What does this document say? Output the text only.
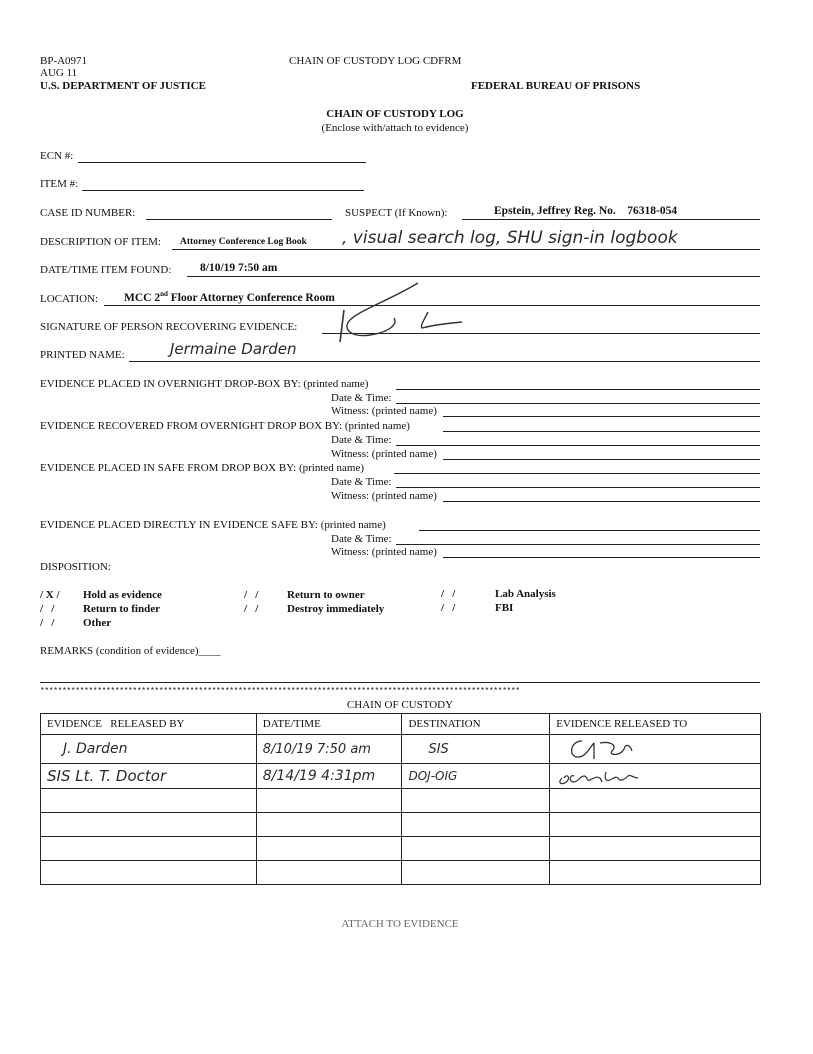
BP-A0971
AUG 11
U.S. DEPARTMENT OF JUSTICE
CHAIN OF CUSTODY LOG CDFRM
FEDERAL BUREAU OF PRISONS
CHAIN OF CUSTODY LOG
(Enclose with/attach to evidence)
ECN #:
ITEM #:
CASE ID NUMBER:	SUSPECT (If Known):	Epstein, Jeffrey Reg. No.    76318-054
DESCRIPTION OF ITEM: Attorney Conference Log Book , visual search log, SHU sign-in logbook
DATE/TIME ITEM FOUND: 8/10/19 7:50 am
LOCATION: MCC 2nd Floor Attorney Conference Room
SIGNATURE OF PERSON RECOVERING EVIDENCE:
PRINTED NAME:	Jermaine Darden
EVIDENCE PLACED IN OVERNIGHT DROP-BOX BY: (printed name)
Date & Time:
Witness: (printed name)
EVIDENCE RECOVERED FROM OVERNIGHT DROP BOX BY: (printed name)
Date & Time:
Witness: (printed name)
EVIDENCE PLACED IN SAFE FROM DROP BOX BY: (printed name)
Date & Time:
Witness: (printed name)
EVIDENCE PLACED DIRECTLY IN EVIDENCE SAFE BY: (printed name)
Date & Time:
Witness: (printed name)
DISPOSITION:
/ X / Hold as evidence
/   /	Return to finder
/   /	Other
/   /	Return to owner
/   /	Destroy immediately
/   /	Lab Analysis
/   /	FBI
REMARKS (condition of evidence)____
*************************************************************************************************************
CHAIN OF CUSTODY
EVIDENCE   RELEASED BY	DATE/TIME	DESTINATION	EVIDENCE RELEASED TO
J. Darden	8/10/19 7:50 am	SIS	

SIS Lt. T. Doctor	8/14/19 4:31pm	DOJ-OIG	

ATTACH TO EVIDENCE
